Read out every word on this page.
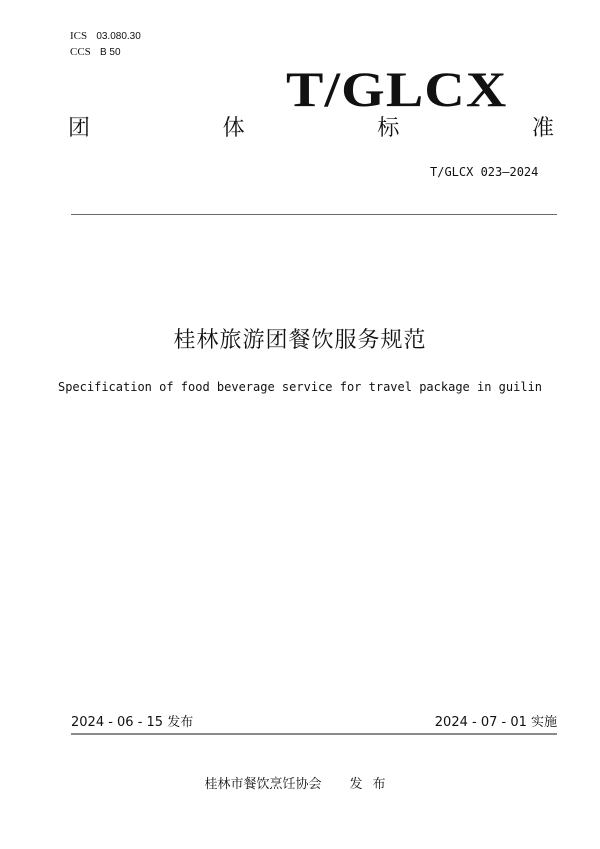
ICS 03.080.30
CCS B 50
T/GLCX
团	体	标	准
T/GLCX 023—2024
桂林旅游团餐饮服务规范
Specification of food beverage service for travel package in guilin
2024 - 06 - 15 发布	2024 - 07 - 01 实施
桂林市餐饮烹饪协会 发布
